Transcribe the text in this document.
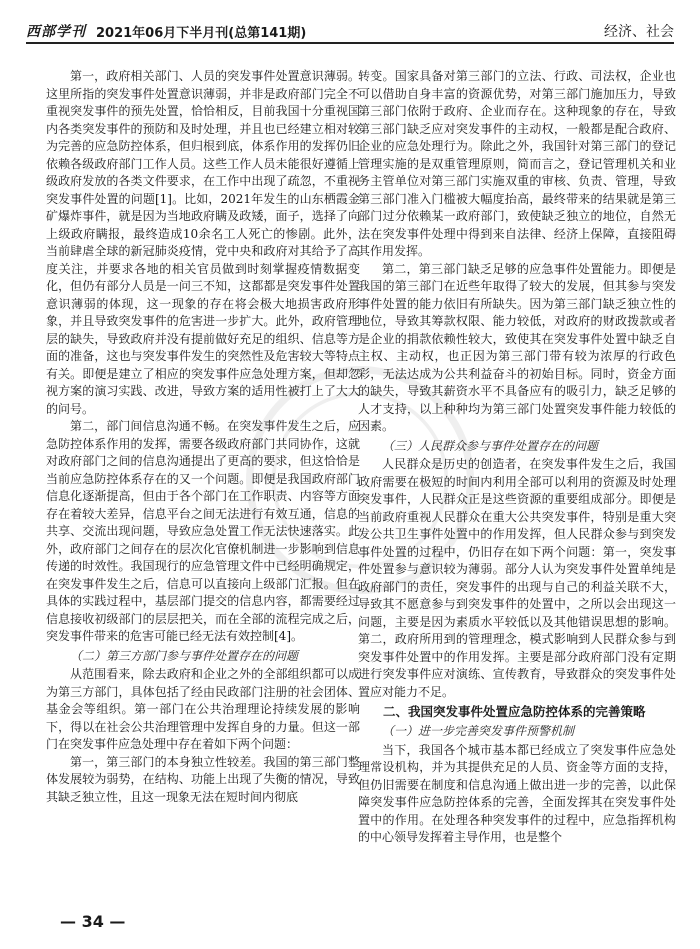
西部学刊 2021年06月下半月刊(总第141期)	经济、社会

第一，政府相关部门、人员的突发事件处置意识薄弱。这里所指的突发事件处置意识薄弱，并非是政府部门完全不重视突发事件的预先处置，恰恰相反，目前我国十分重视国内各类突发事件的预防和及时处理，并且也已经建立相对较为完善的应急防控体系，但归根到底，体系作用的发挥仍旧依赖各级政府部门工作人员。这些工作人员未能很好遵循上级政府发放的各类文件要求，在工作中出现了疏忽，不重视突发事件处置的问题[1]。比如，2021年发生的山东栖霞金矿爆炸事件，就是因为当地政府瞒及政矮，面子，选择了向上级政府瞒报，最终造成10余名工人死亡的惨剧。此外，当前肆虐全球的新冠肺炎疫情，党中央和政府对其给予了高度关注，并要求各地的相关官员做到时刻掌握疫情数据变化，但仍有部分人员是一问三不知，这都都是突发事件处置意识薄弱的体现，这一现象的存在将会极大地损害政府形象，并且导致突发事件的危害进一步扩大。此外，政府管理层的缺失，导致政府并没有提前做好充足的组织、信息等方面的准备，这也与突发事件发生的突然性及危害较大等特点有关。即便是建立了相应的突发事件应急处理方案，但却忽视方案的演习实践、改进，导致方案的适用性被打上了大大的问号。

第二，部门间信息沟通不畅。在突发事件发生之后，应急防控体系作用的发挥，需要各级政府部门共同协作，这就对政府部门之间的信息沟通提出了更高的要求，但这恰恰是当前应急防控体系存在的又一个问题。即便是我国政府部门信息化逐渐提高，但由于各个部门在工作职责、内容等方面存在着较大差异，信息平台之间无法进行有效互通，信息的共享、交流出现问题，导致应急处置工作无法快速落实。此外，政府部门之间存在的层次化官僚机制进一步影响到信息传递的时效性。我国现行的应急管理文件中已经明确规定，在突发事件发生之后，信息可以直接向上级部门汇报。但在具体的实践过程中，基层部门提交的信息内容，都需要经过信息接收初级部门的层层把关，而在全部的流程完成之后，突发事件带来的危害可能已经无法有效控制[4]。

（二）第三方部门参与事件处置存在的问题

从范围看来，除去政府和企业之外的全部组织都可以成为第三方部门，具体包括了经由民政部门注册的社会团体、基金会等组织。第一部门在公共治理理论持续发展的影响下，得以在社会公共治理管理中发挥自身的力量。但这一部门在突发事件应急处理中存在着如下两个问题：

第一，第三部门的本身独立性较差。我国的第三部门整体发展较为弱势，在结构、功能上出现了失衡的情况，导致其缺乏独立性，且这一现象无法在短时间内彻底

转变。国家具备对第三部门的立法、行政、司法权，企业也可以借助自身丰富的资源优势，对第三部门施加压力，导致第三部门依附于政府、企业而存在。这种现象的存在，导致第三部门缺乏应对突发事件的主动权，一般都是配合政府、企业的应急处理行为。除此之外，我国针对第三部门的登记管理实施的是双重管理原则，简而言之，登记管理机关和业务主管单位对第三部门实施双重的审核、负责、管理，导致第三部门准入门槛被大幅度抬高，最终带来的结果就是第三部门过分依赖某一政府部门，致使缺乏独立的地位，自然无法在突发事件处理中得到来自法律、经济上保障，直接阻碍其作用发挥。

第二，第三部门缺乏足够的应急事件处置能力。即便是我国的第三部门在近些年取得了较大的发展，但其参与突发事件处置的能力依旧有所缺失。因为第三部门缺乏独立性的地位，导致其筹款权限、能力较低，对政府的财政拨款或者是企业的捐款依赖性较大，致使其在突发事件处置中缺乏自主权、主动权，也正因为第三部门带有较为浓厚的行政色彩，无法达成为公共利益奋斗的初始目标。同时，资金方面的缺失，导致其薪资水平不具备应有的吸引力，缺乏足够的人才支持，以上种种均为第三部门处置突发事件能力较低的因素。

（三）人民群众参与事件处置存在的问题

人民群众是历史的创造者，在突发事件发生之后，我国政府需要在极短的时间内利用全部可以利用的资源及时处理突发事件，人民群众正是这些资源的重要组成部分。即便是当前政府重视人民群众在重大公共突发事件，特别是重大突发公共卫生事件处置中的作用发挥，但人民群众参与到突发事件处置的过程中，仍旧存在如下两个问题：第一，突发事件处置参与意识较为薄弱。部分人认为突发事件处置单纯是政府部门的责任，突发事件的出现与自己的利益关联不大，导致其不愿意参与到突发事件的处置中，之所以会出现这一问题，主要是因为素质水平较低以及其他错误思想的影响。第二，政府所用到的管理理念，模式影响到人民群众参与到突发事件处置中的作用发挥。主要是部分政府部门没有定期进行突发事件应对演练、宣传教育，导致群众的突发事件处置应对能力不足。

二、我国突发事件处置应急防控体系的完善策略
（一）进一步完善突发事件预警机制

当下，我国各个城市基本都已经成立了突发事件应急处理常设机构，并为其提供充足的人员、资金等方面的支持，但仍旧需要在制度和信息沟通上做出进一步的完善，以此保障突发事件应急防控体系的完善，全面发挥其在突发事件处置中的作用。在处理各种突发事件的过程中，应急指挥机构的中心领导发挥着主导作用，也是整个

— 34 —
